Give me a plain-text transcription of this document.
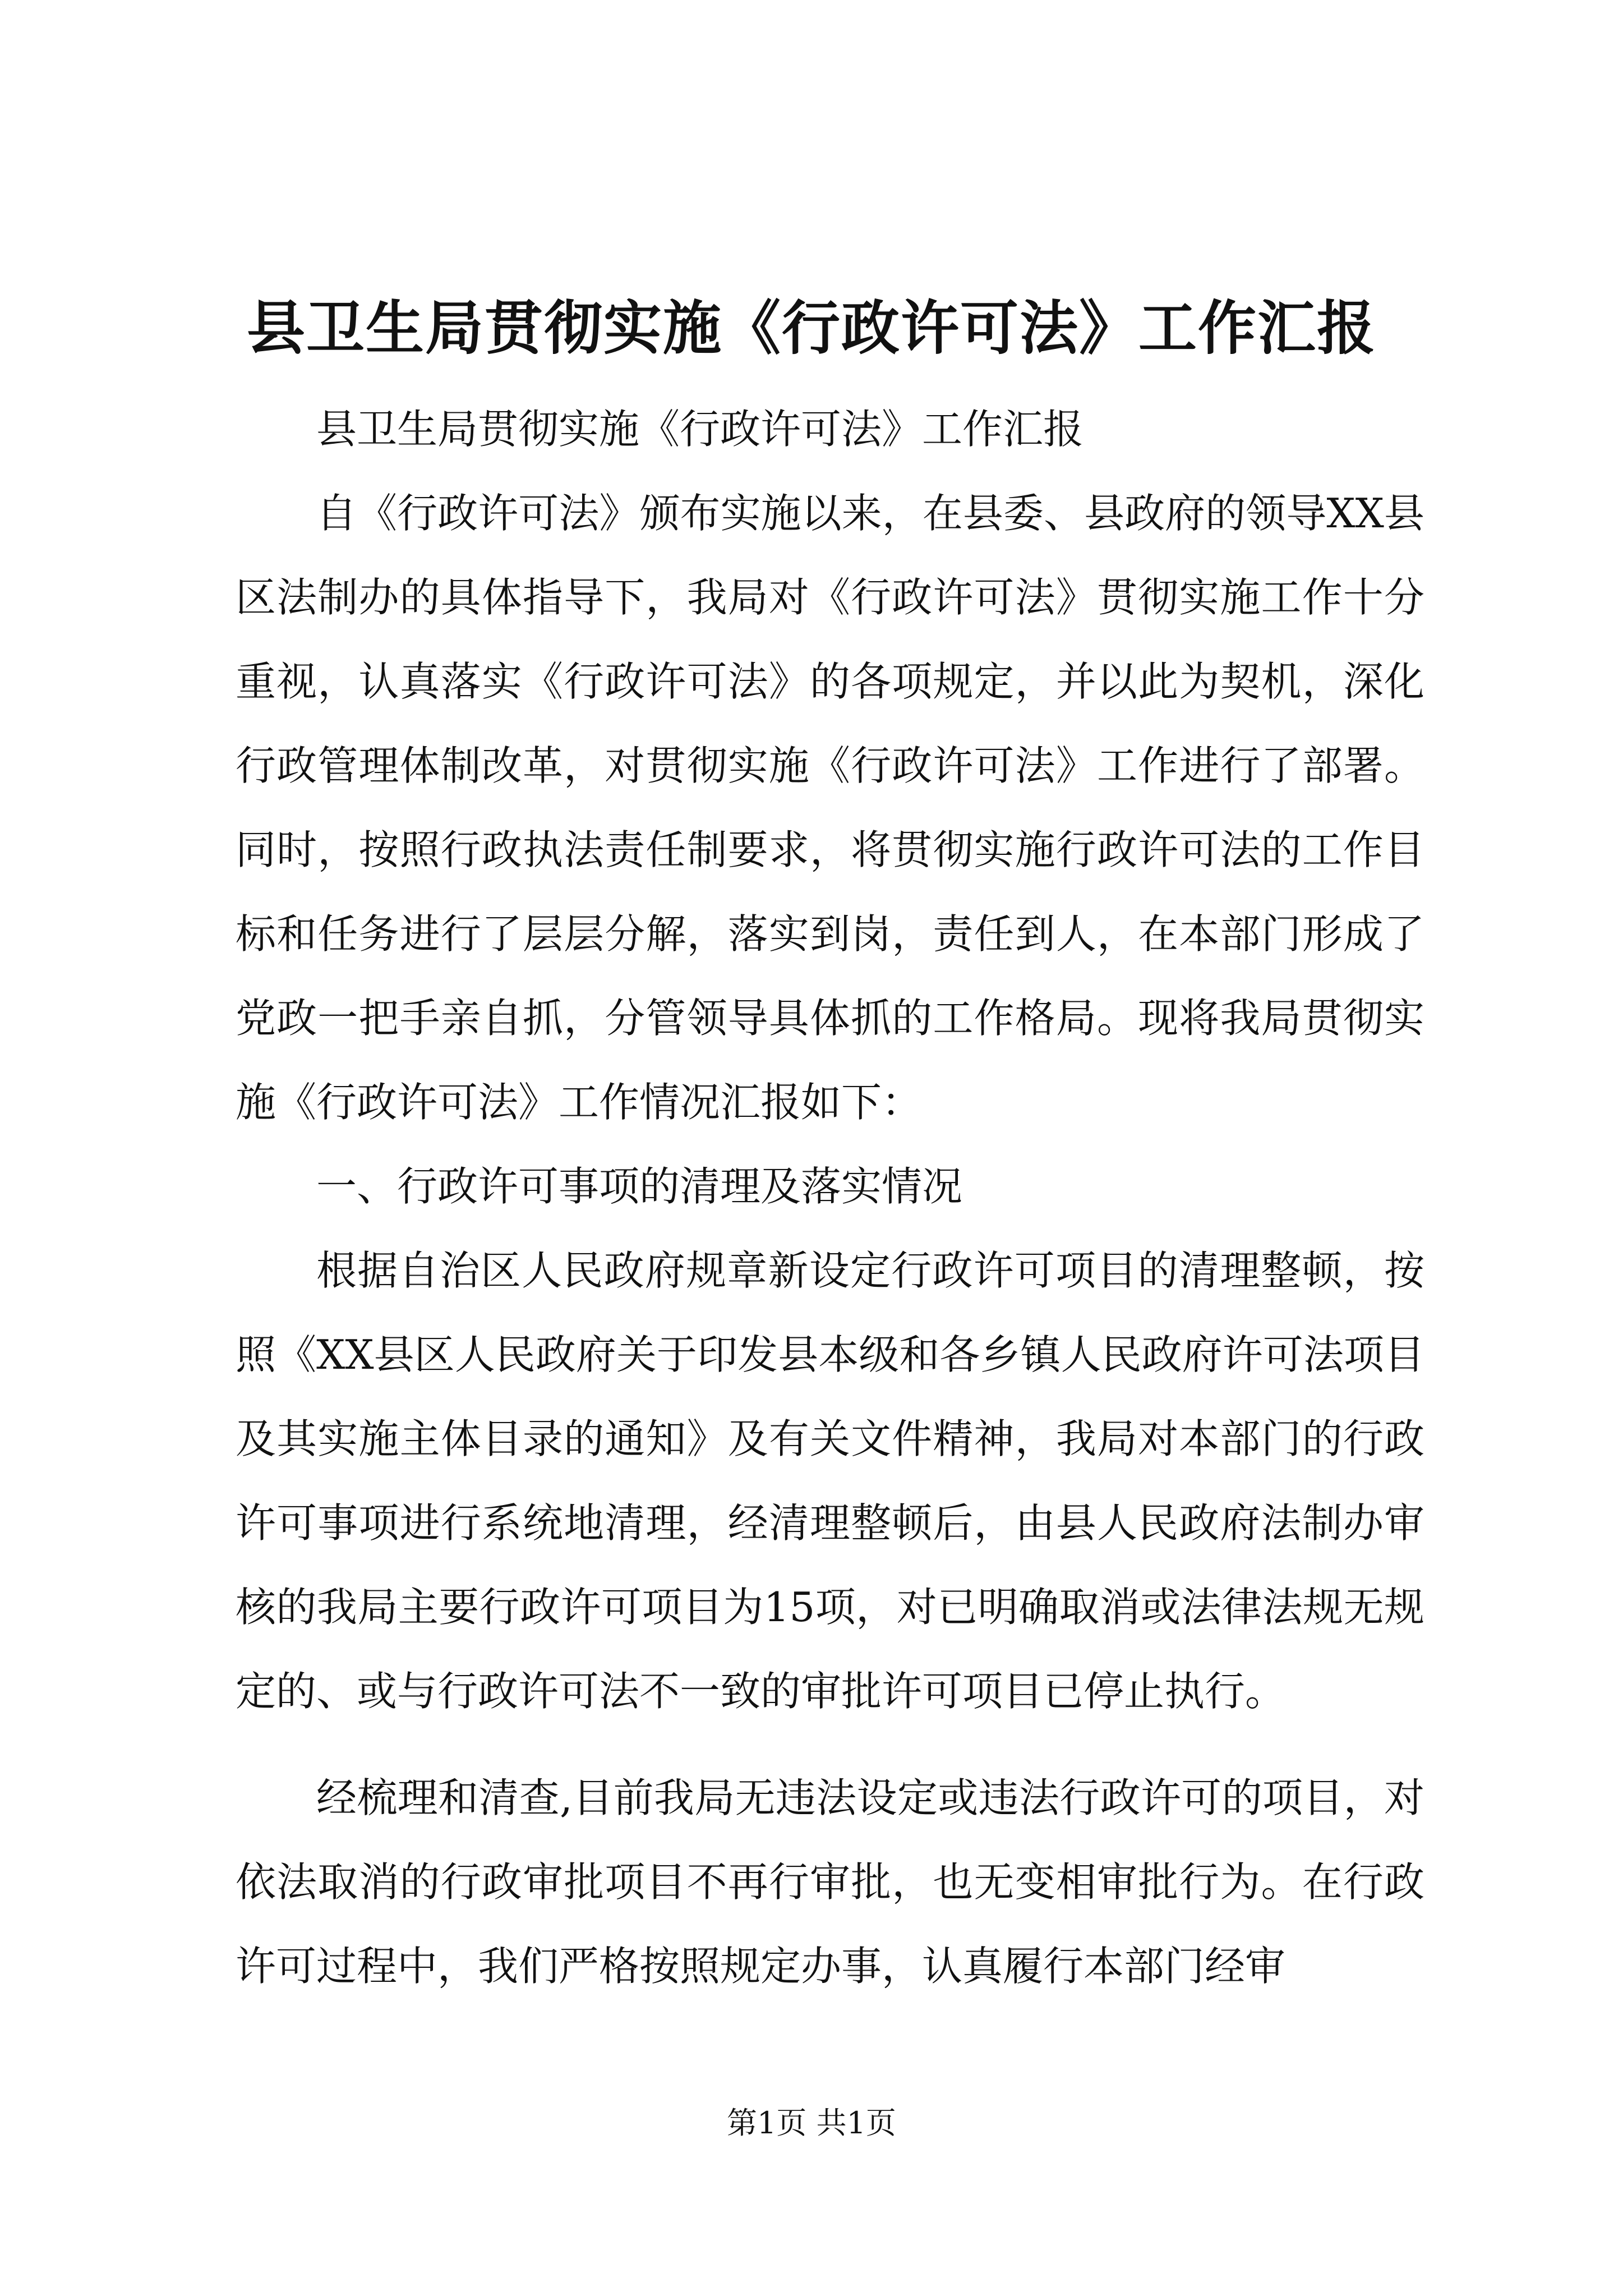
县卫生局贯彻实施《行政许可法》工作汇报

县卫生局贯彻实施《行政许可法》工作汇报

自《行政许可法》颁布实施以来，在县委、县政府的领导XX县区法制办的具体指导下，我局对《行政许可法》贯彻实施工作十分重视，认真落实《行政许可法》的各项规定，并以此为契机，深化行政管理体制改革，对贯彻实施《行政许可法》工作进行了部署。同时，按照行政执法责任制要求，将贯彻实施行政许可法的工作目标和任务进行了层层分解，落实到岗，责任到人，在本部门形成了党政一把手亲自抓，分管领导具体抓的工作格局。现将我局贯彻实施《行政许可法》工作情况汇报如下：

一、行政许可事项的清理及落实情况

根据自治区人民政府规章新设定行政许可项目的清理整顿，按照《XX县区人民政府关于印发县本级和各乡镇人民政府许可法项目及其实施主体目录的通知》及有关文件精神，我局对本部门的行政许可事项进行系统地清理，经清理整顿后，由县人民政府法制办审核的我局主要行政许可项目为15项，对已明确取消或法律法规无规定的、或与行政许可法不一致的审批许可项目已停止执行。

经梳理和清查,目前我局无违法设定或违法行政许可的项目，对依法取消的行政审批项目不再行审批，也无变相审批行为。在行政许可过程中，我们严格按照规定办事，认真履行本部门经审

第1页 共1页
